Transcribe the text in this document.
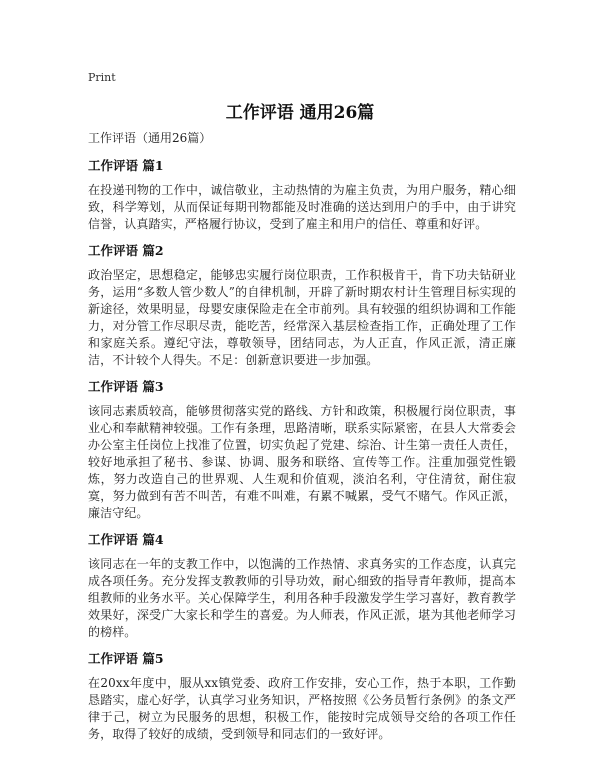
Print
工作评语 通用26篇

工作评语（通用26篇）

工作评语 篇1

在投递刊物的工作中，诚信敬业，主动热情的为雇主负责，为用户服务，精心细致，科学筹划，从而保证每期刊物都能及时准确的送达到用户的手中，由于讲究信誉，认真踏实，严格履行协议，受到了雇主和用户的信任、尊重和好评。

工作评语 篇2

政治坚定，思想稳定，能够忠实履行岗位职责，工作积极肯干，肯下功夫钻研业务，运用“多数人管少数人”的自律机制，开辟了新时期农村计生管理目标实现的新途径，效果明显，母婴安康保险走在全市前列。具有较强的组织协调和工作能力，对分管工作尽职尽责，能吃苦，经常深入基层检查指工作，正确处理了工作和家庭关系。遵纪守法，尊敬领导，团结同志，为人正直，作风正派，清正廉洁，不计较个人得失。不足：创新意识要进一步加强。

工作评语 篇3

该同志素质较高，能够贯彻落实党的路线、方针和政策，积极履行岗位职责，事业心和奉献精神较强。工作有条理，思路清晰，联系实际紧密，在县人大常委会办公室主任岗位上找准了位置，切实负起了党建、综治、计生第一责任人责任，较好地承担了秘书、参谋、协调、服务和联络、宣传等工作。注重加强党性锻炼，努力改造自己的世界观、人生观和价值观，淡泊名利，守住清贫，耐住寂寞，努力做到有苦不叫苦，有难不叫难，有累不喊累，受气不赌气。作风正派，廉洁守纪。

工作评语 篇4

该同志在一年的支教工作中，以饱满的工作热情、求真务实的工作态度，认真完成各项任务。充分发挥支教教师的引导功效，耐心细致的指导青年教师，提高本组教师的业务水平。关心保障学生，利用各种手段激发学生学习喜好，教育教学效果好，深受广大家长和学生的喜爱。为人师表，作风正派，堪为其他老师学习的榜样。

工作评语 篇5

在20xx年度中，服从xx镇党委、政府工作安排，安心工作，热于本职，工作勤恳踏实，虚心好学，认真学习业务知识，严格按照《公务员暂行条例》的条文严律于己，树立为民服务的思想，积极工作，能按时完成领导交给的各项工作任务，取得了较好的成绩，受到领导和同志们的一致好评。
